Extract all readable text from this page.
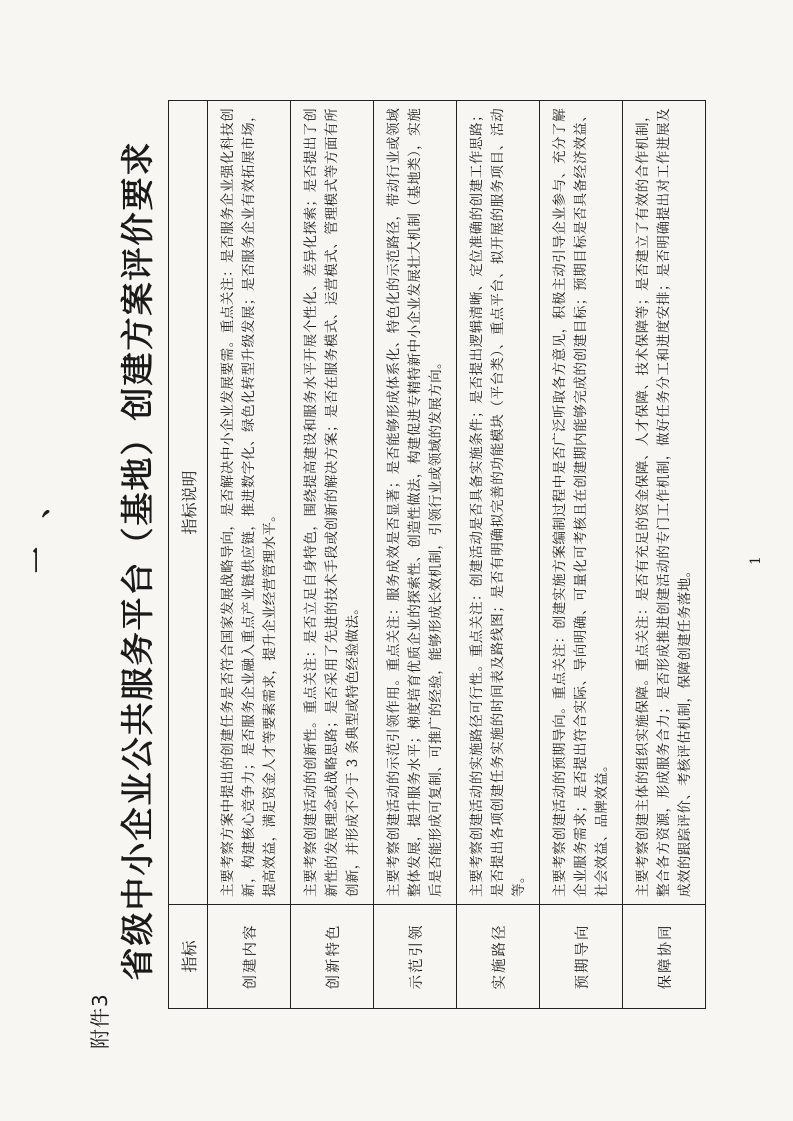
一 、
附件3
省级中小企业公共服务平台（基地）创建方案评价要求 指标	指标说明
创建内容	主要考察方案中提出的创建任务是否符合国家发展战略导向，是否解决中小企业发展要需。重点关注：是否服务企业强化科技创新，构建核心竞争力；是否服务企业融入重点产业链供应链，推进数字化、绿色化转型升级发展；是否服务企业有效拓展市场，提高效益，满足资金人才等要素需求，提升企业经营管理水平。
创新特色	主要考察创建活动的创新性。重点关注：是否立足自身特色，围绕提高建设和服务水平开展个性化、差异化探索；是否提出了创新性的发展理念或战略思路；是否采用了先进的技术手段或创新的解决方案；是否在服务模式、运营模式、管理模式等方面有所创新，并形成不少于 3 条典型或特色经验做法。
示范引领	主要考察创建活动的示范引领作用。重点关注：服务成效是否显著；是否能够形成体系化、特色化的示范路径，带动行业或领域整体发展，提升服务水平；梯度培育优质企业的探索性、创造性做法，构建促进专精特新中小企业发展壮大机制（基地类），实施后是否能形成可复制、可推广的经验，能够形成长效机制，引领行业或领域的发展方向。
实施路径	主要考察创建活动的实施路径可行性。重点关注：创建活动是否具备实施条件；是否提出逻辑清晰、定位准确的创建工作思路；是否提出各项创建任务实施的时间表及路线图；是否有明确拟完善的功能模块（平台类）、重点平台、拟开展的服务项目、活动等。
预期导向	主要考察创建活动的预期导向。重点关注：创建实施方案编制过程中是否广泛听取各方意见，积极主动引导企业参与、充分了解企业服务需求；是否提出符合实际、导向明确、可量化可考核且在创建期内能够完成的创建目标；预期目标是否具备经济效益、社会效益、品牌效益。
保障协同	主要考察创建主体的组织实施保障。重点关注：是否有充足的资金保障、人才保障、技术保障等；是否建立了有效的合作机制，整合各方资源，形成服务合力；是否形成推进创建活动的专门工作机制，做好任务分工和进度安排；是否明确提出对工作进展及成效的跟踪评价、考核评估机制，保障创建任务落地。
1
